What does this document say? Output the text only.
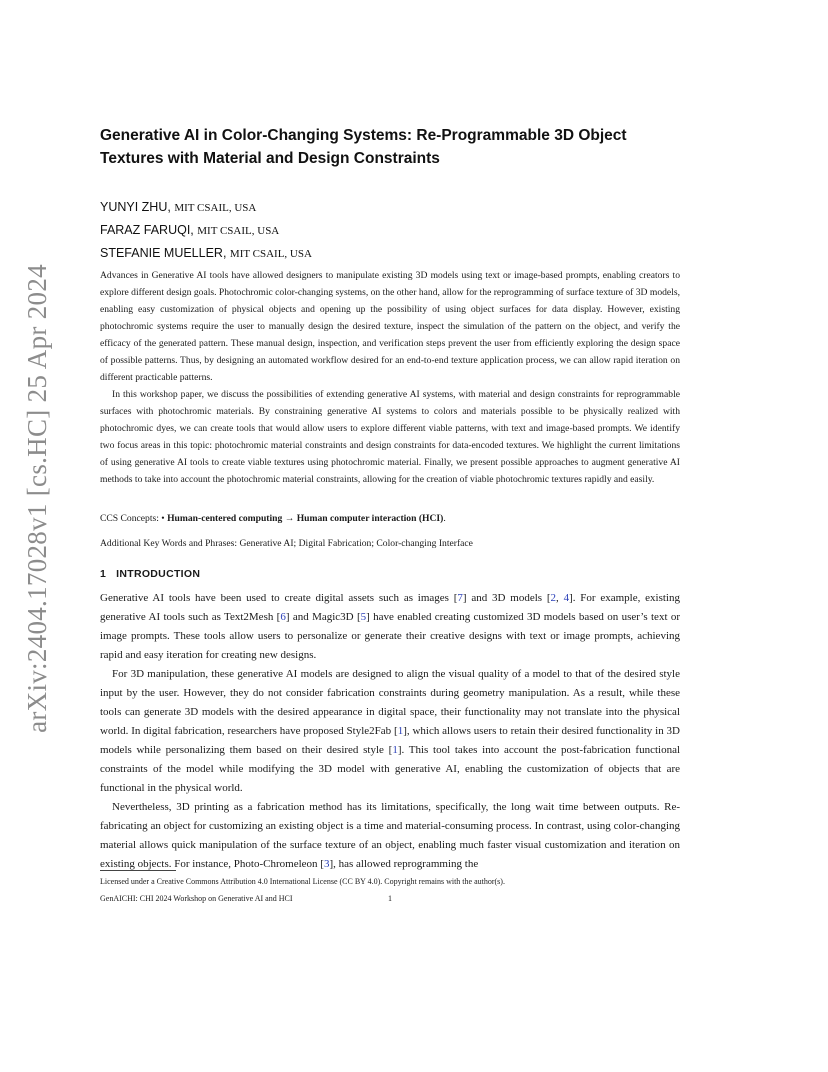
arXiv:2404.17028v1 [cs.HC] 25 Apr 2024
Generative AI in Color-Changing Systems: Re-Programmable 3D Object Textures with Material and Design Constraints
YUNYI ZHU, MIT CSAIL, USA
FARAZ FARUQI, MIT CSAIL, USA
STEFANIE MUELLER, MIT CSAIL, USA

Advances in Generative AI tools have allowed designers to manipulate existing 3D models using text or image-based prompts, enabling creators to explore different design goals. Photochromic color-changing systems, on the other hand, allow for the reprogramming of surface texture of 3D models, enabling easy customization of physical objects and opening up the possibility of using object surfaces for data display. However, existing photochromic systems require the user to manually design the desired texture, inspect the simulation of the pattern on the object, and verify the efficacy of the generated pattern. These manual design, inspection, and verification steps prevent the user from efficiently exploring the design space of possible patterns. Thus, by designing an automated workflow desired for an end-to-end texture application process, we can allow rapid iteration on different practicable patterns.

In this workshop paper, we discuss the possibilities of extending generative AI systems, with material and design constraints for reprogrammable surfaces with photochromic materials. By constraining generative AI systems to colors and materials possible to be physically realized with photochromic dyes, we can create tools that would allow users to explore different viable patterns, with text and image-based prompts. We identify two focus areas in this topic: photochromic material constraints and design constraints for data-encoded textures. We highlight the current limitations of using generative AI tools to create viable textures using photochromic material. Finally, we present possible approaches to augment generative AI methods to take into account the photochromic material constraints, allowing for the creation of viable photochromic textures rapidly and easily.

CCS Concepts: • Human-centered computing → Human computer interaction (HCI).
Additional Key Words and Phrases: Generative AI; Digital Fabrication; Color-changing Interface
1 INTRODUCTION

Generative AI tools have been used to create digital assets such as images [7] and 3D models [2, 4]. For example, existing generative AI tools such as Text2Mesh [6] and Magic3D [5] have enabled creating customized 3D models based on user’s text or image prompts. These tools allow users to personalize or generate their creative designs with text or image prompts, achieving rapid and easy iteration for creating new designs.

For 3D manipulation, these generative AI models are designed to align the visual quality of a model to that of the desired style input by the user. However, they do not consider fabrication constraints during geometry manipulation. As a result, while these tools can generate 3D models with the desired appearance in digital space, their functionality may not translate into the physical world. In digital fabrication, researchers have proposed Style2Fab [1], which allows users to retain their desired functionality in 3D models while personalizing them based on their desired style [1]. This tool takes into account the post-fabrication functional constraints of the model while modifying the 3D model with generative AI, enabling the customization of objects that are functional in the physical world.

Nevertheless, 3D printing as a fabrication method has its limitations, specifically, the long wait time between outputs. Re-fabricating an object for customizing an existing object is a time and material-consuming process. In contrast, using color-changing material allows quick manipulation of the surface texture of an object, enabling much faster visual customization and iteration on existing objects. For instance, Photo-Chromeleon [3], has allowed reprogramming the

Licensed under a Creative Commons Attribution 4.0 International License (CC BY 4.0). Copyright remains with the author(s).
GenAICHI: CHI 2024 Workshop on Generative AI and HCI	1
